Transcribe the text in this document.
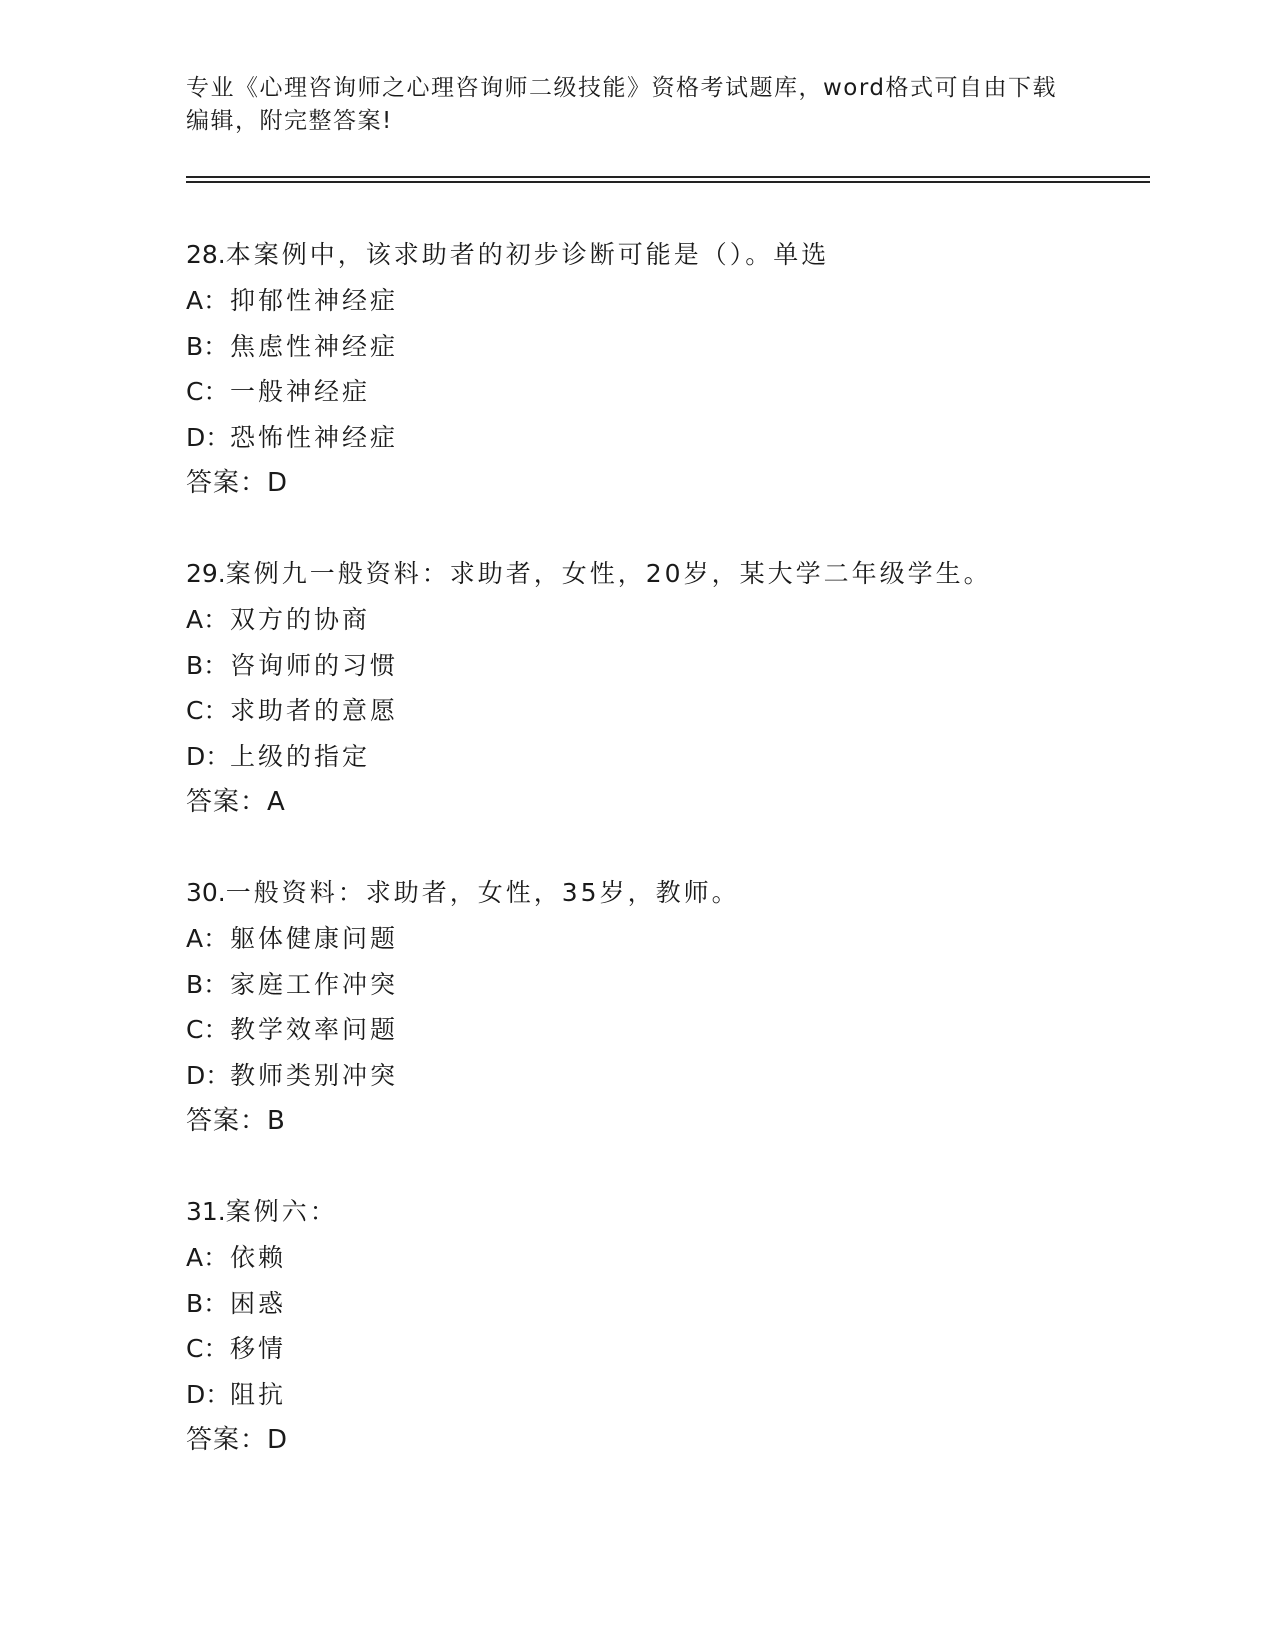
专业《心理咨询师之心理咨询师二级技能》资格考试题库，word格式可自由下载
编辑，附完整答案!
28.本案例中，该求助者的初步诊断可能是（）。单选
A：抑郁性神经症
B：焦虑性神经症
C：一般神经症
D：恐怖性神经症
答案：D
29.案例九一般资料：求助者，女性，20岁，某大学二年级学生。
A：双方的协商
B：咨询师的习惯
C：求助者的意愿
D：上级的指定
答案：A
30.一般资料：求助者，女性，35岁，教师。
A：躯体健康问题
B：家庭工作冲突
C：教学效率问题
D：教师类别冲突
答案：B
31.案例六：
A：依赖
B：困惑
C：移情
D：阻抗
答案：D
